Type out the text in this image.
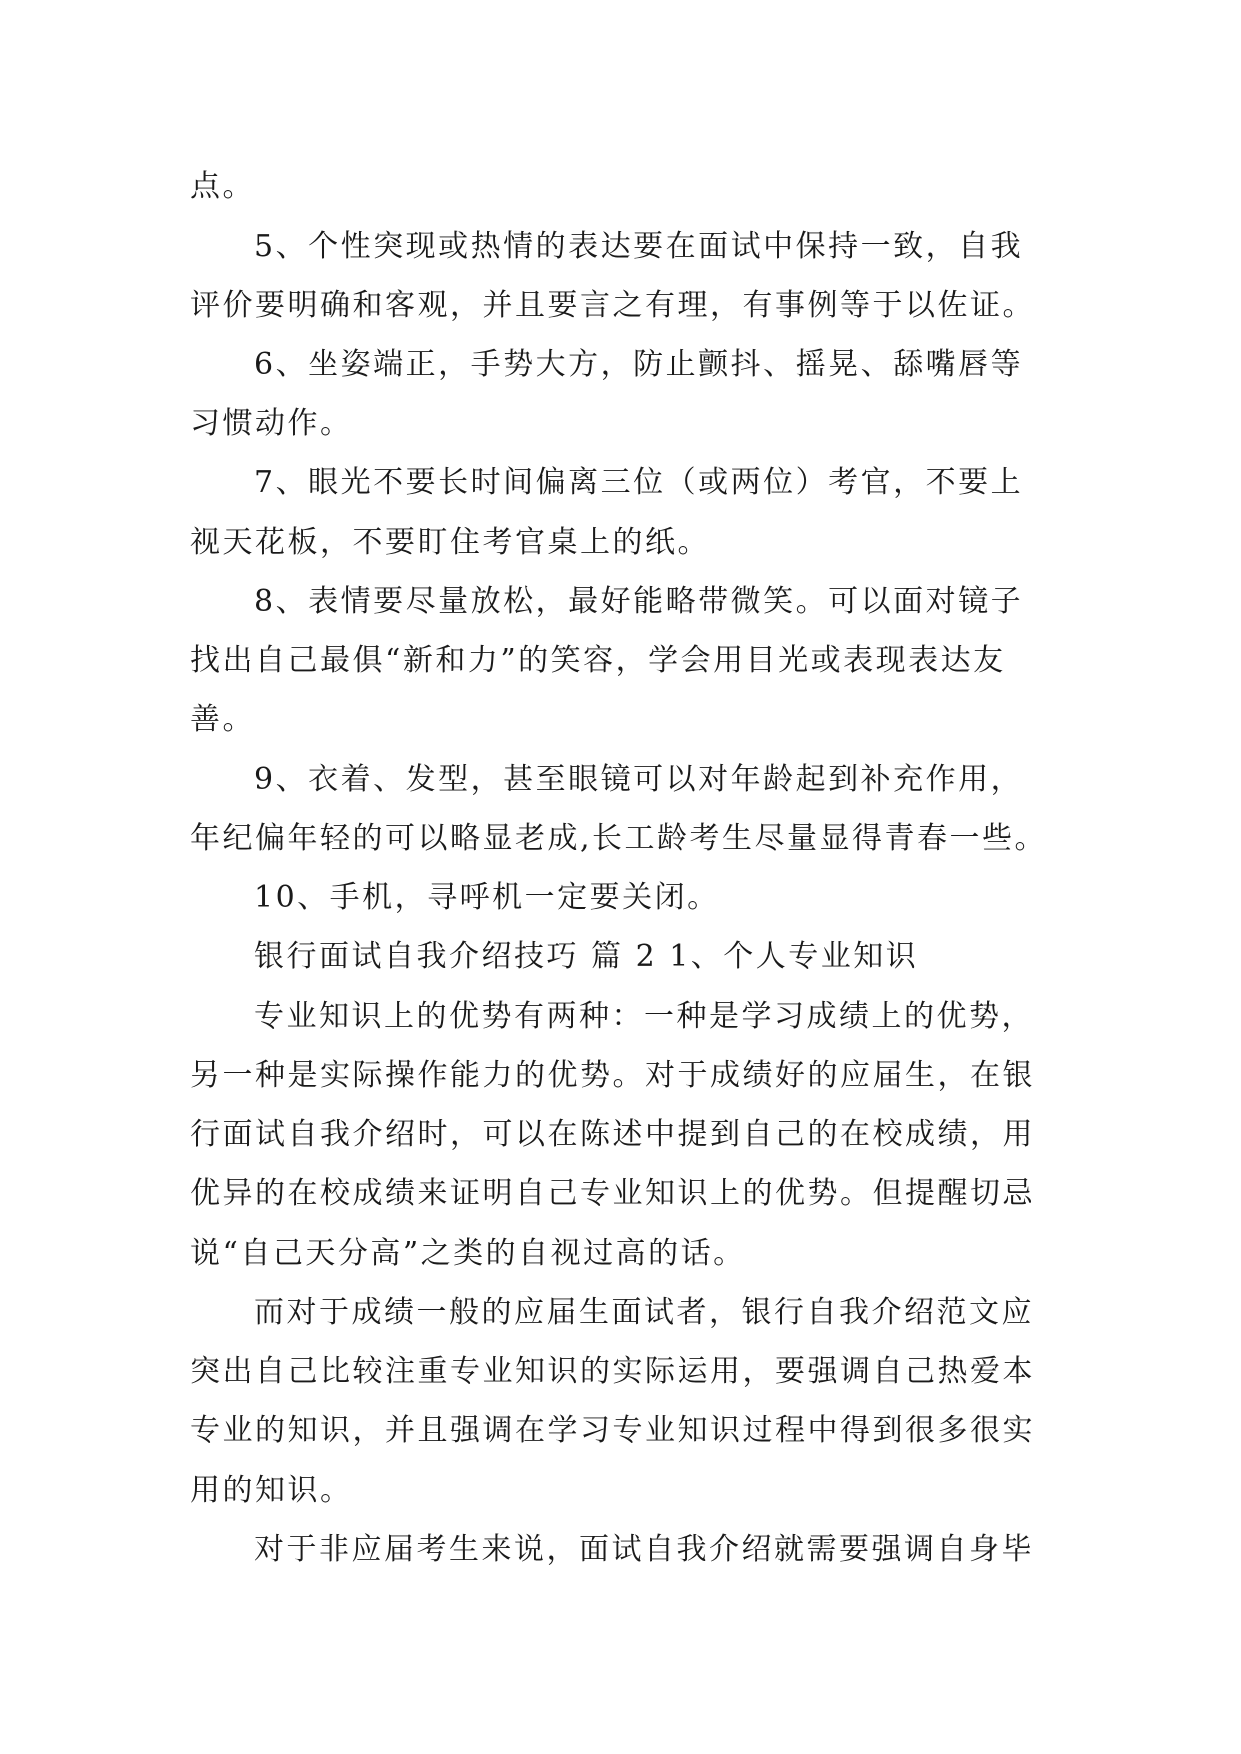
点。
5、个性突现或热情的表达要在面试中保持一致，自我
评价要明确和客观，并且要言之有理，有事例等于以佐证。
6、坐姿端正，手势大方，防止颤抖、摇晃、舔嘴唇等
习惯动作。
7、眼光不要长时间偏离三位（或两位）考官，不要上
视天花板，不要盯住考官桌上的纸。
8、表情要尽量放松，最好能略带微笑。可以面对镜子
找出自己最俱“新和力”的笑容，学会用目光或表现表达友
善。
9、衣着、发型，甚至眼镜可以对年龄起到补充作用，
年纪偏年轻的可以略显老成,长工龄考生尽量显得青春一些。
10、手机，寻呼机一定要关闭。
银行面试自我介绍技巧 篇 2 1、个人专业知识
专业知识上的优势有两种：一种是学习成绩上的优势，
另一种是实际操作能力的优势。对于成绩好的应届生，在银
行面试自我介绍时，可以在陈述中提到自己的在校成绩，用
优异的在校成绩来证明自己专业知识上的优势。但提醒切忌
说“自己天分高”之类的自视过高的话。
而对于成绩一般的应届生面试者，银行自我介绍范文应
突出自己比较注重专业知识的实际运用，要强调自己热爱本
专业的知识，并且强调在学习专业知识过程中得到很多很实
用的知识。
对于非应届考生来说，面试自我介绍就需要强调自身毕
